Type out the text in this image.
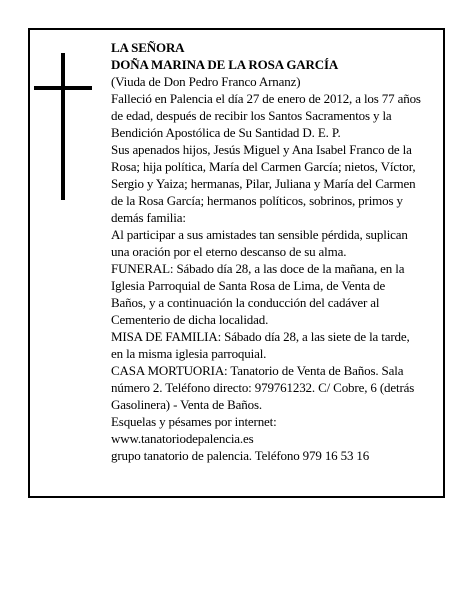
LA SEÑORA

DOÑA MARINA DE LA ROSA GARCÍA

(Viuda de Don Pedro Franco Arnanz)

Falleció en Palencia el día 27 de enero de 2012, a los 77 años de edad, después de recibir los Santos Sacramentos y la Bendición Apostólica de Su Santidad D. E. P.

Sus apenados hijos, Jesús Miguel y Ana Isabel Franco de la Rosa; hija política, María del Carmen García; nietos, Víctor, Sergio y Yaiza; hermanas, Pilar, Juliana y María del Carmen de la Rosa García; hermanos políticos, sobrinos, primos y demás familia:

Al participar a sus amistades tan sensible pérdida, suplican una oración por el eterno descanso de su alma.

FUNERAL: Sábado día 28, a las doce de la mañana, en la Iglesia Parroquial de Santa Rosa de Lima, de Venta de Baños, y a continuación la conducción del cadáver al Cementerio de dicha localidad.

MISA DE FAMILIA: Sábado día 28, a las siete de la tarde, en la misma iglesia parroquial.

CASA MORTUORIA: Tanatorio de Venta de Baños. Sala número 2. Teléfono directo: 979761232. C/ Cobre, 6 (detrás Gasolinera) - Venta de Baños.

Esquelas y pésames por internet:

www.tanatoriodepalencia.es

grupo tanatorio de palencia. Teléfono 979 16 53 16
